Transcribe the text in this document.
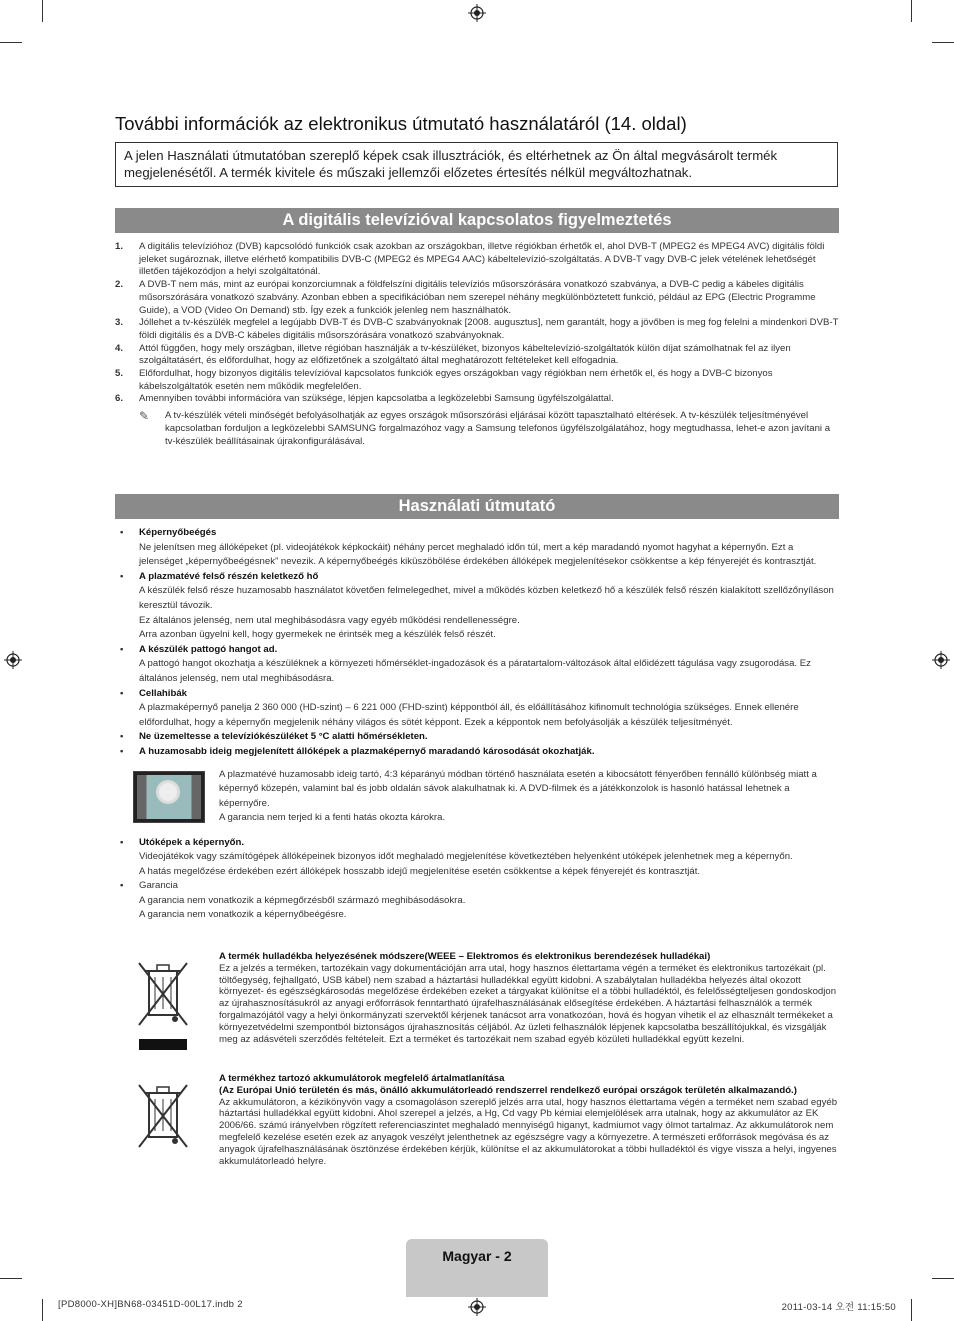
További információk az elektronikus útmutató használatáról (14. oldal)
A jelen Használati útmutatóban szereplő képek csak illusztrációk, és eltérhetnek az Ön által megvásárolt termék megjelenésétől. A termék kivitele és műszaki jellemzői előzetes értesítés nélkül megváltozhatnak.
A digitális televízióval kapcsolatos figyelmeztetés
1. A digitális televízióhoz (DVB) kapcsolódó funkciók csak azokban az országokban, illetve régiókban érhetők el, ahol DVB-T (MPEG2 és MPEG4 AVC) digitális földi jeleket sugároznak, illetve elérhető kompatibilis DVB-C (MPEG2 és MPEG4 AAC) kábeltelevízió-szolgáltatás. A DVB-T vagy DVB-C jelek vételének lehetőségét illetően tájékozódjon a helyi szolgáltatónál.
2. A DVB-T nem más, mint az európai konzorciumnak a földfelszíni digitális televíziós műsorszórására vonatkozó szabványa, a DVB-C pedig a kábeles digitális műsorszórására vonatkozó szabvány. Azonban ebben a specifikációban nem szerepel néhány megkülönböztetett funkció, például az EPG (Electric Programme Guide), a VOD (Video On Demand) stb. Így ezek a funkciók jelenleg nem használhatók.
3. Jóllehet a tv-készülék megfelel a legújabb DVB-T és DVB-C szabványoknak [2008. augusztus], nem garantált, hogy a jövőben is meg fog felelni a mindenkori DVB-T földi digitális és a DVB-C kábeles digitális műsorszórására vonatkozó szabványoknak.
4. Attól függően, hogy mely országban, illetve régióban használják a tv-készüléket, bizonyos kábeltelevízió-szolgáltatók külön díjat számolhatnak fel az ilyen szolgáltatásért, és előfordulhat, hogy az előfizetőnek a szolgáltató által meghatározott feltételeket kell elfogadnia.
5. Előfordulhat, hogy bizonyos digitális televízióval kapcsolatos funkciók egyes országokban vagy régiókban nem érhetők el, és hogy a DVB-C bizonyos kábelszolgáltatók esetén nem működik megfelelően.
6. Amennyiben további információra van szüksége, lépjen kapcsolatba a legközelebbi Samsung ügyfélszolgálattal.
✎ A tv-készülék vételi minőségét befolyásolhatják az egyes országok műsorszórási eljárásai között tapasztalható eltérések. A tv-készülék teljesítményével kapcsolatban forduljon a legközelebbi SAMSUNG forgalmazóhoz vagy a Samsung telefonos ügyfélszolgálatához, hogy megtudhassa, lehet-e azon javítani a tv-készülék beállításainak újrakonfigurálásával.
Használati útmutató
• Képernyőbeégés
Ne jelenítsen meg állóképeket (pl. videojátékok képkockáit) néhány percet meghaladó időn túl, mert a kép maradandó nyomot hagyhat a képernyőn. Ezt a jelenséget „képernyőbeégésnek” nevezik. A képernyőbeégés kiküszöbölése érdekében állóképek megjelenítésekor csökkentse a kép fényerejét és kontrasztját.
• A plazmatévé felső részén keletkező hő
A készülék felső része huzamosabb használatot követően felmelegedhet, mivel a működés közben keletkező hő a készülék felső részén kialakított szellőzőnyíláson keresztül távozik.
Ez általános jelenség, nem utal meghibásodásra vagy egyéb működési rendellenességre.
Arra azonban ügyelni kell, hogy gyermekek ne érintsék meg a készülék felső részét.
• A készülék pattogó hangot ad.
A pattogó hangot okozhatja a készüléknek a környezeti hőmérséklet-ingadozások és a páratartalom-változások által előidézett tágulása vagy zsugorodása. Ez általános jelenség, nem utal meghibásodásra.
• Cellahibák
A plazmaképernyő panelja 2 360 000 (HD-szint) – 6 221 000 (FHD-szint) képpontból áll, és előállításához kifinomult technológia szükséges. Ennek ellenére előfordulhat, hogy a képernyőn megjelenik néhány világos és sötét képpont. Ezek a képpontok nem befolyásolják a készülék teljesítményét.
• Ne üzemeltesse a televíziókészüléket 5 °C alatti hőmérsékleten.
• A huzamosabb ideig megjelenített állóképek a plazmaképernyő maradandó károsodását okozhatják.
A plazmatévé huzamosabb ideig tartó, 4:3 képarányú módban történő használata esetén a kibocsátott fényerőben fennálló különbség miatt a képernyő közepén, valamint bal és jobb oldalán sávok alakulhatnak ki. A DVD-filmek és a játékkonzolok is hasonló hatással lehetnek a képernyőre.
A garancia nem terjed ki a fenti hatás okozta károkra.
• Utóképek a képernyőn.
Videojátékok vagy számítógépek állóképeinek bizonyos időt meghaladó megjelenítése következtében helyenként utóképek jelenhetnek meg a képernyőn.
A hatás megelőzése érdekében ezért állóképek hosszabb idejű megjelenítése esetén csökkentse a képek fényerejét és kontrasztját.
• Garancia
A garancia nem vonatkozik a képmegőrzésből származó meghibásodásokra.
A garancia nem vonatkozik a képernyőbeégésre.
A termék hulladékba helyezésének módszere(WEEE – Elektromos és elektronikus berendezések hulladékai)
Ez a jelzés a terméken, tartozékain vagy dokumentációján arra utal, hogy hasznos élettartama végén a terméket és elektronikus tartozékait (pl. töltőegység, fejhallgató, USB kábel) nem szabad a háztartási hulladékkal együtt kidobni. A szabálytalan hulladékba helyezés által okozott környezet- és egészségkárosodás megelőzése érdekében ezeket a tárgyakat különítse el a többi hulladéktól, és felelősségteljesen gondoskodjon az újrahasznosításukról az anyagi erőforrások fenntartható újrafelhasználásának elősegítése érdekében. A háztartási felhasználók a termék forgalmazójától vagy a helyi önkormányzati szervektől kérjenek tanácsot arra vonatkozóan, hová és hogyan vihetik el az elhasznált termékeket a környezetvédelmi szempontból biztonságos újrahasznosítás céljából. Az üzleti felhasználók lépjenek kapcsolatba beszállítójukkal, és vizsgálják meg az adásvételi szerződés feltételeit. Ezt a terméket és tartozékait nem szabad egyéb közületi hulladékkal együtt kezelni.
A termékhez tartozó akkumulátorok megfelelő ártalmatlanítása
(Az Európai Unió területén és más, önálló akkumulátorleadó rendszerrel rendelkező európai országok területén alkalmazandó.)
Az akkumulátoron, a kézikönyvön vagy a csomagoláson szereplő jelzés arra utal, hogy hasznos élettartama végén a terméket nem szabad egyéb háztartási hulladékkal együtt kidobni. Ahol szerepel a jelzés, a Hg, Cd vagy Pb kémiai elemjelölések arra utalnak, hogy az akkumulátor az EK 2006/66. számú irányelvben rögzített referenciaszintet meghaladó mennyiségű higanyt, kadmiumot vagy ólmot tartalmaz. Az akkumulátorok nem megfelelő kezelése esetén ezek az anyagok veszélyt jelenthetnek az egészségre vagy a környezetre. A természeti erőforrások megóvása és az anyagok újrafelhasználásának ösztönzése érdekében kérjük, különítse el az akkumulátorokat a többi hulladéktól és vigye vissza a helyi, ingyenes akkumulátorleadó helyre.
Magyar - 2
[PD8000-XH]BN68-03451D-00L17.indb 2	2011-03-14 오전 11:15:50
